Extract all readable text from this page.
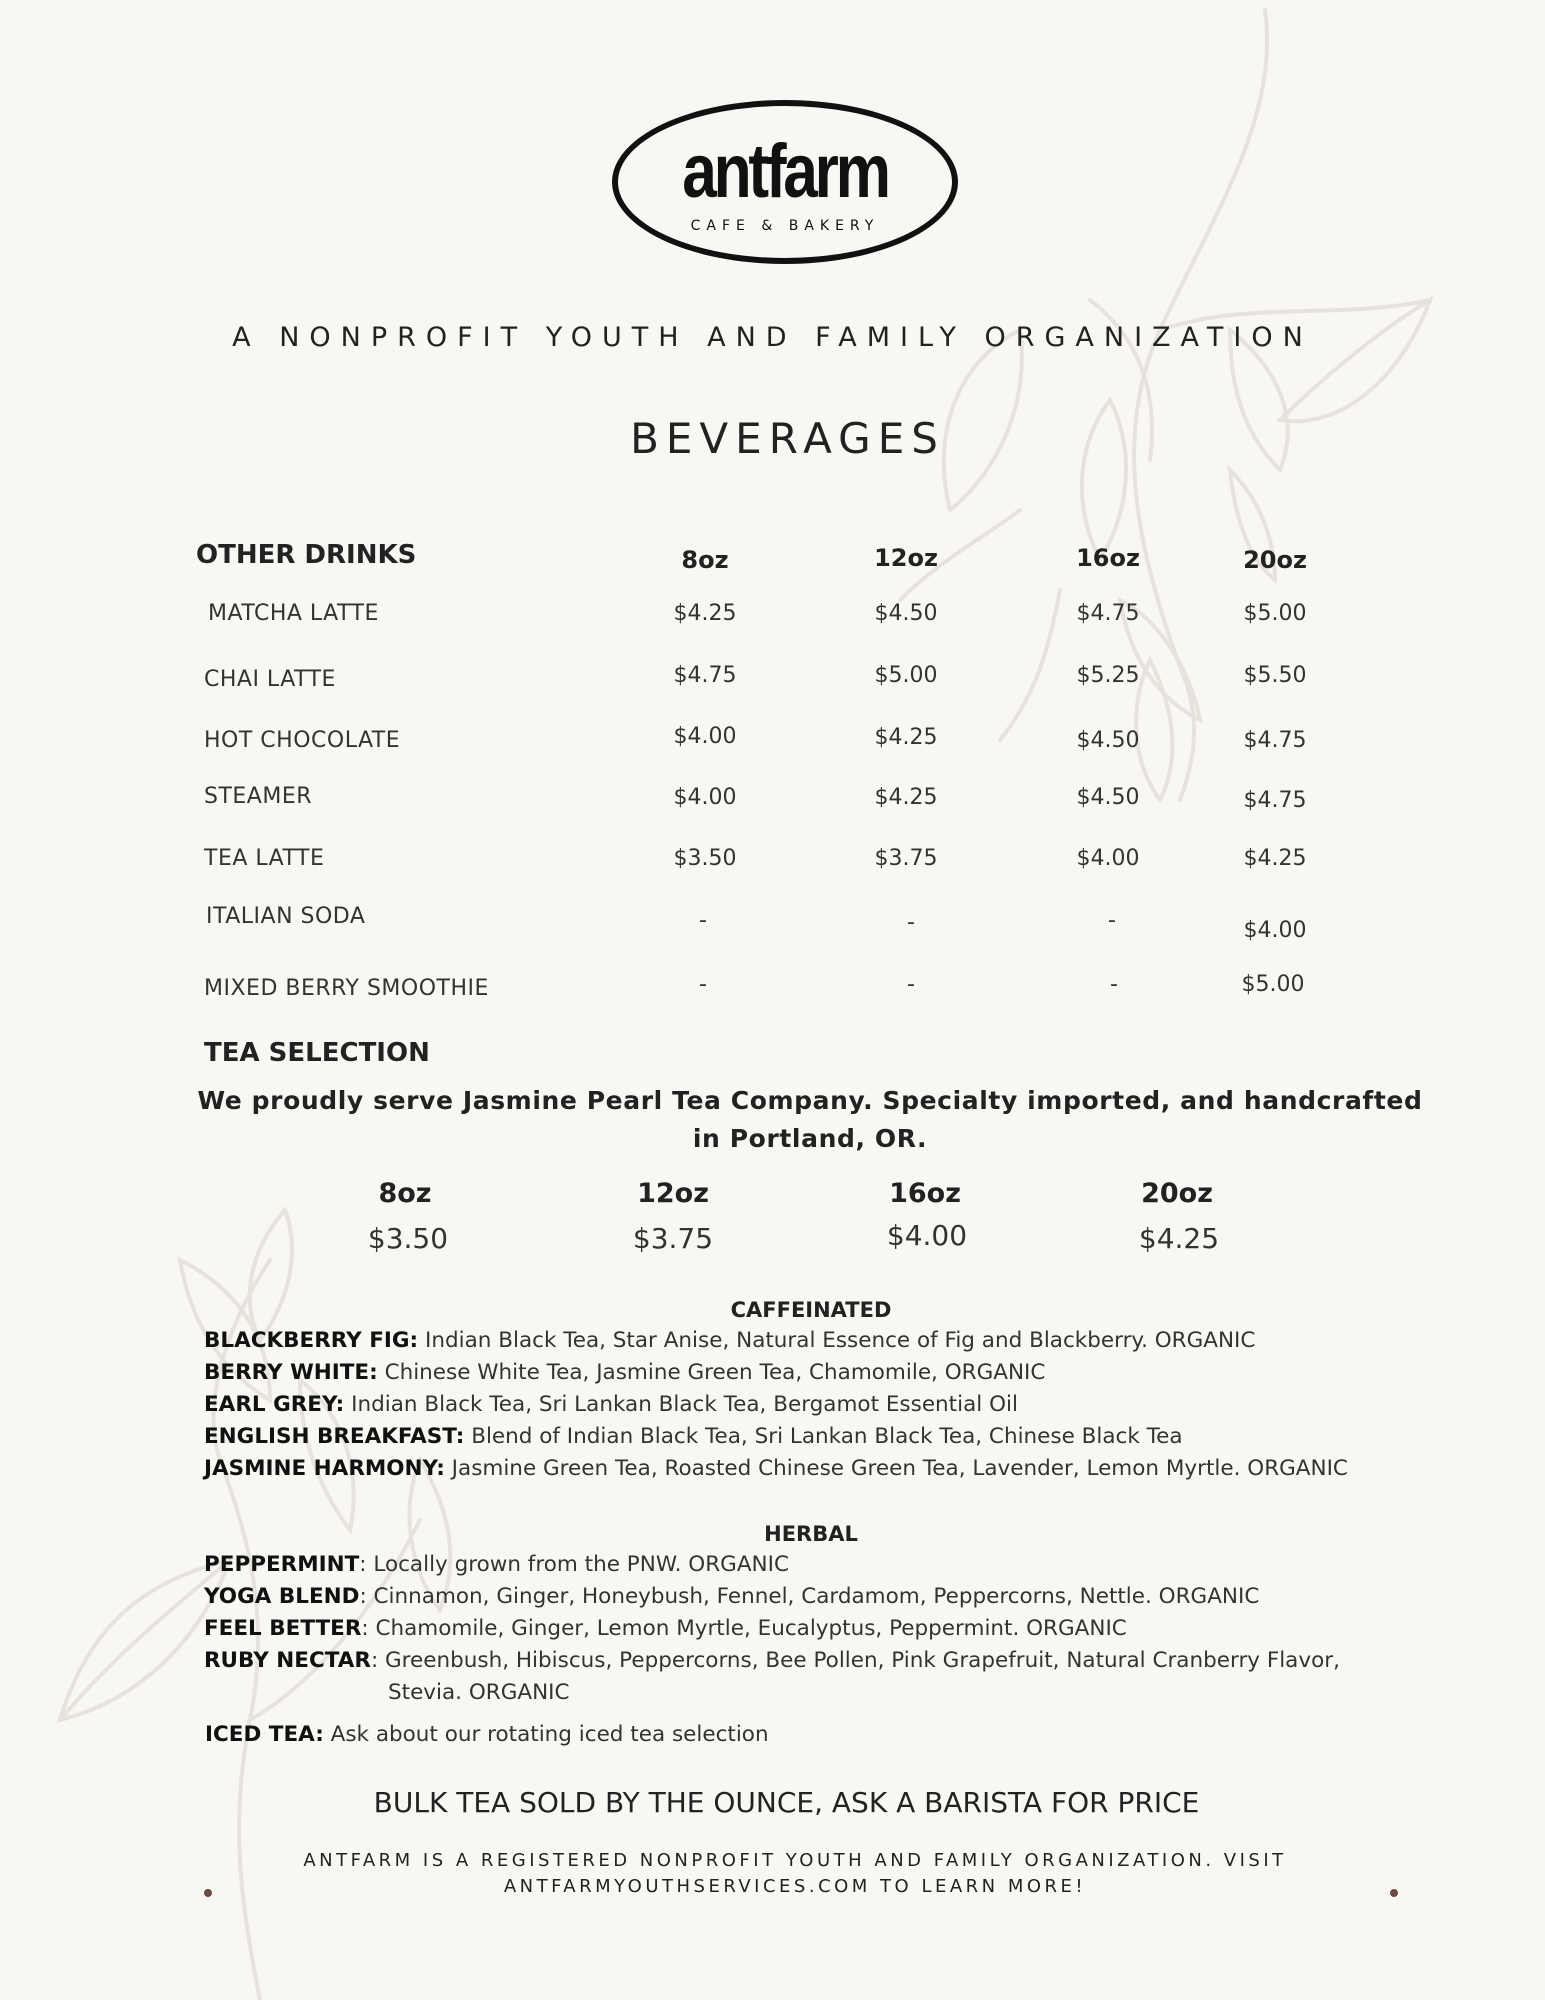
antfarm
CAFE & BAKERY
A NONPROFIT YOUTH AND FAMILY ORGANIZATION
BEVERAGES
OTHER DRINKS	8oz	12oz	16oz	20oz
MATCHA LATTE	$4.25	$4.50	$4.75	$5.00
CHAI LATTE	$4.75	$5.00	$5.25	$5.50
HOT CHOCOLATE	$4.00	$4.25	$4.50	$4.75
STEAMER	$4.00	$4.25	$4.50	$4.75
TEA LATTE	$3.50	$3.75	$4.00	$4.25
ITALIAN SODA	-	-	-	$4.00
MIXED BERRY SMOOTHIE	-	-	-	$5.00
TEA SELECTION
We proudly serve Jasmine Pearl Tea Company. Specialty imported, and handcrafted in Portland, OR.
8oz	12oz	16oz	20oz
$3.50	$3.75	$4.00	$4.25
CAFFEINATED
BLACKBERRY FIG: Indian Black Tea, Star Anise, Natural Essence of Fig and Blackberry. ORGANIC
BERRY WHITE: Chinese White Tea, Jasmine Green Tea, Chamomile, ORGANIC
EARL GREY: Indian Black Tea, Sri Lankan Black Tea, Bergamot Essential Oil
ENGLISH BREAKFAST: Blend of Indian Black Tea, Sri Lankan Black Tea, Chinese Black Tea
JASMINE HARMONY: Jasmine Green Tea, Roasted Chinese Green Tea, Lavender, Lemon Myrtle. ORGANIC
HERBAL
PEPPERMINT: Locally grown from the PNW. ORGANIC
YOGA BLEND: Cinnamon, Ginger, Honeybush, Fennel, Cardamom, Peppercorns, Nettle. ORGANIC
FEEL BETTER: Chamomile, Ginger, Lemon Myrtle, Eucalyptus, Peppermint. ORGANIC
RUBY NECTAR: Greenbush, Hibiscus, Peppercorns, Bee Pollen, Pink Grapefruit, Natural Cranberry Flavor,
Stevia. ORGANIC
ICED TEA: Ask about our rotating iced tea selection
BULK TEA SOLD BY THE OUNCE, ASK A BARISTA FOR PRICE
ANTFARM IS A REGISTERED NONPROFIT YOUTH AND FAMILY ORGANIZATION. VISIT
ANTFARMYOUTHSERVICES.COM TO LEARN MORE!
